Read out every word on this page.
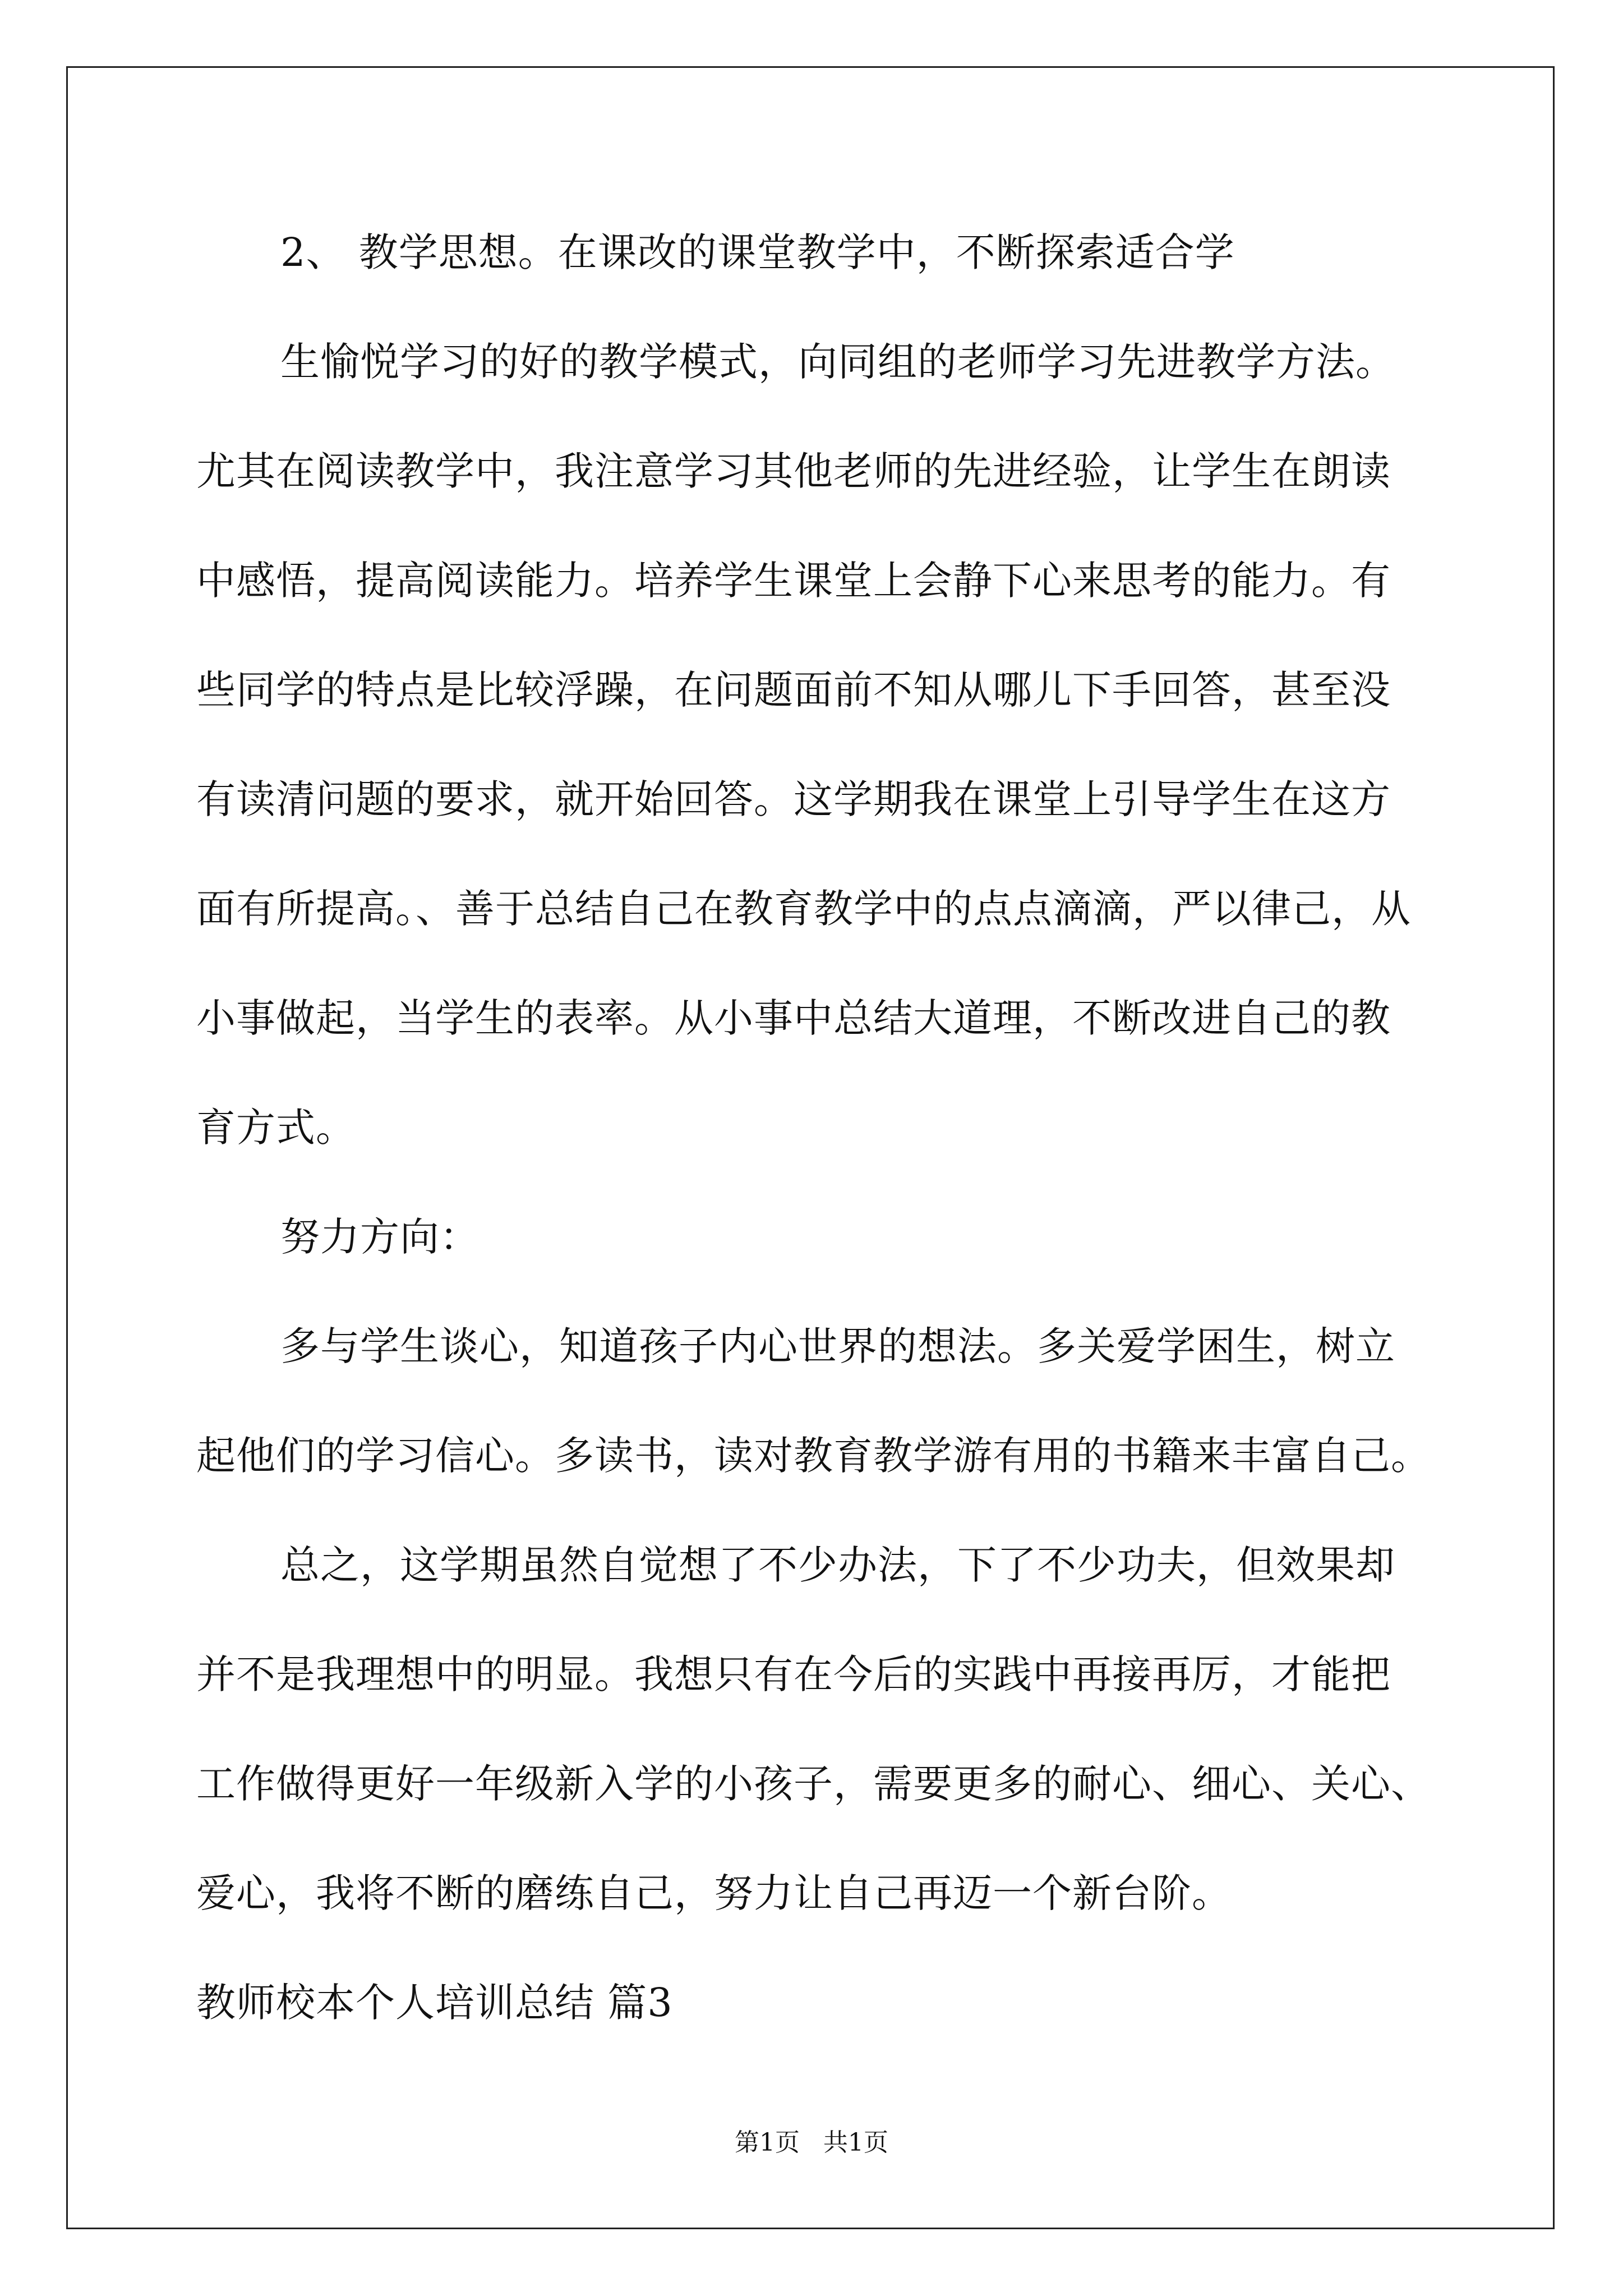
2、 教学思想。在课改的课堂教学中，不断探索适合学
生愉悦学习的好的教学模式，向同组的老师学习先进教学方法。
尤其在阅读教学中，我注意学习其他老师的先进经验，让学生在朗读
中感悟，提高阅读能力。培养学生课堂上会静下心来思考的能力。有
些同学的特点是比较浮躁，在问题面前不知从哪儿下手回答，甚至没
有读清问题的要求，就开始回答。这学期我在课堂上引导学生在这方
面有所提高。、善于总结自己在教育教学中的点点滴滴，严以律己，从
小事做起，当学生的表率。从小事中总结大道理，不断改进自己的教
育方式。
努力方向：
多与学生谈心，知道孩子内心世界的想法。多关爱学困生，树立
起他们的学习信心。多读书，读对教育教学游有用的书籍来丰富自己。
总之，这学期虽然自觉想了不少办法，下了不少功夫，但效果却
并不是我理想中的明显。我想只有在今后的实践中再接再厉，才能把
工作做得更好一年级新入学的小孩子，需要更多的耐心、细心、关心、
爱心，我将不断的磨练自己，努力让自己再迈一个新台阶。
教师校本个人培训总结 篇3
第1页   共1页
